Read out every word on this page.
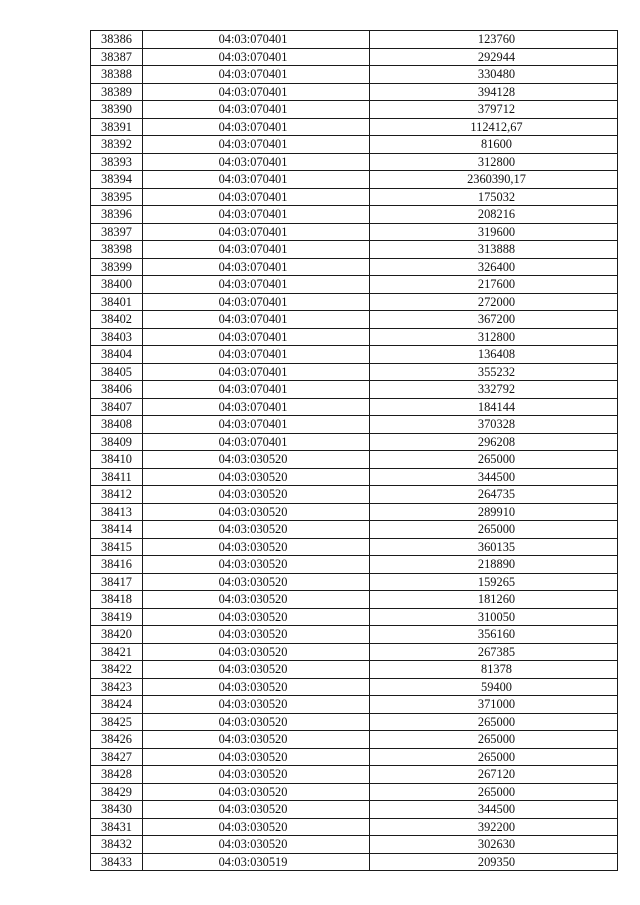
38386	04:03:070401	123760
38387	04:03:070401	292944
38388	04:03:070401	330480
38389	04:03:070401	394128
38390	04:03:070401	379712
38391	04:03:070401	112412,67
38392	04:03:070401	81600
38393	04:03:070401	312800
38394	04:03:070401	2360390,17
38395	04:03:070401	175032
38396	04:03:070401	208216
38397	04:03:070401	319600
38398	04:03:070401	313888
38399	04:03:070401	326400
38400	04:03:070401	217600
38401	04:03:070401	272000
38402	04:03:070401	367200
38403	04:03:070401	312800
38404	04:03:070401	136408
38405	04:03:070401	355232
38406	04:03:070401	332792
38407	04:03:070401	184144
38408	04:03:070401	370328
38409	04:03:070401	296208
38410	04:03:030520	265000
38411	04:03:030520	344500
38412	04:03:030520	264735
38413	04:03:030520	289910
38414	04:03:030520	265000
38415	04:03:030520	360135
38416	04:03:030520	218890
38417	04:03:030520	159265
38418	04:03:030520	181260
38419	04:03:030520	310050
38420	04:03:030520	356160
38421	04:03:030520	267385
38422	04:03:030520	81378
38423	04:03:030520	59400
38424	04:03:030520	371000
38425	04:03:030520	265000
38426	04:03:030520	265000
38427	04:03:030520	265000
38428	04:03:030520	267120
38429	04:03:030520	265000
38430	04:03:030520	344500
38431	04:03:030520	392200
38432	04:03:030520	302630
38433	04:03:030519	209350
